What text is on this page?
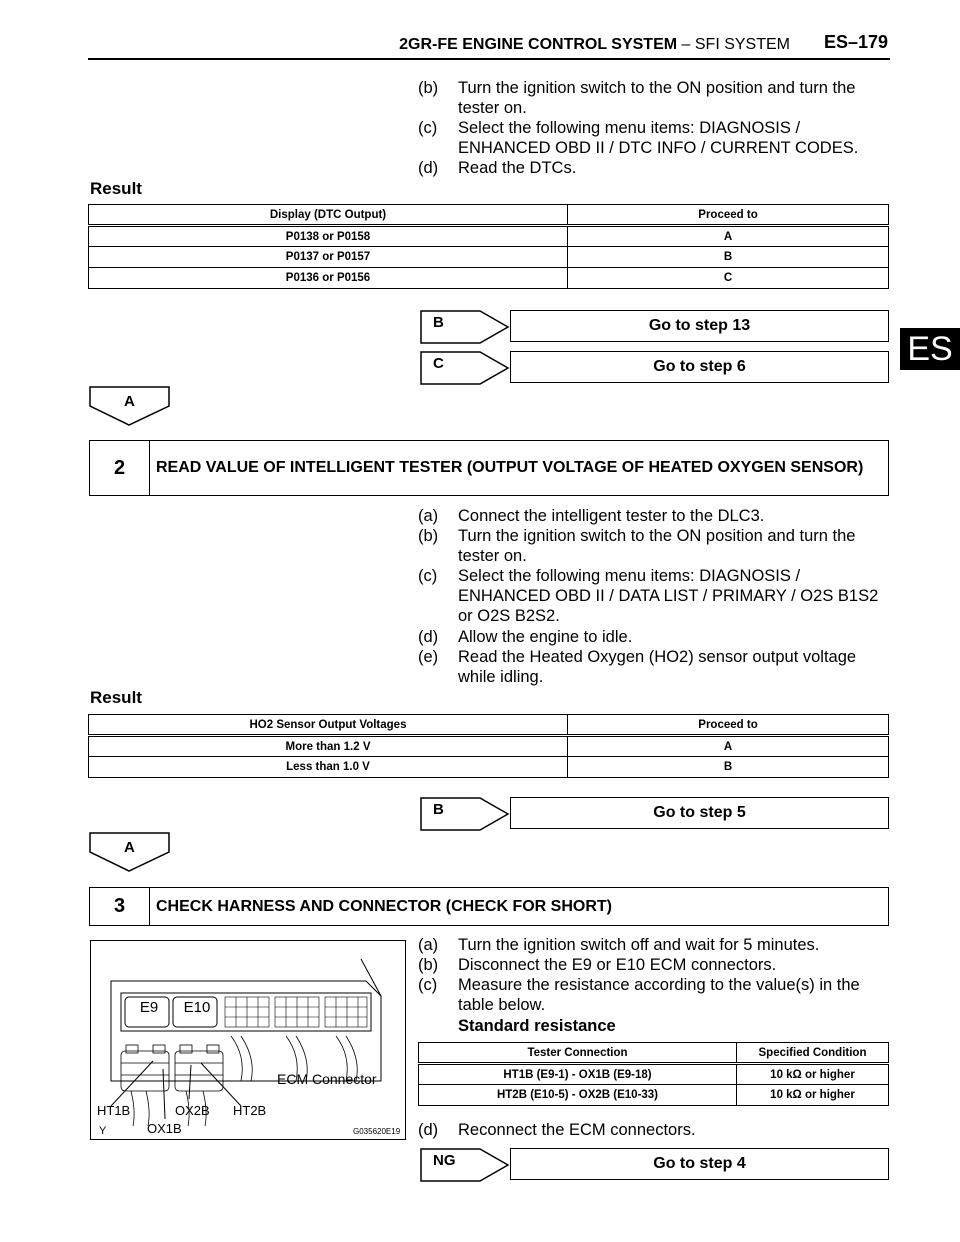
2GR-FE ENGINE CONTROL SYSTEM – SFI SYSTEM ES–179
ES
(b)	Turn the ignition switch to the ON position and turn the tester on.
(c)	Select the following menu items: DIAGNOSIS / ENHANCED OBD II / DTC INFO / CURRENT CODES.
(d)	Read the DTCs.
Result
Display (DTC Output)	Proceed to
P0138 or P0158	A
P0137 or P0157	B
P0136 or P0156	C
B	Go to step 13
C	Go to step 6
A
2	READ VALUE OF INTELLIGENT TESTER (OUTPUT VOLTAGE OF HEATED OXYGEN SENSOR)
(a)	Connect the intelligent tester to the DLC3.
(b)	Turn the ignition switch to the ON position and turn the tester on.
(c)	Select the following menu items: DIAGNOSIS / ENHANCED OBD II / DATA LIST / PRIMARY / O2S B1S2 or O2S B2S2.
(d)	Allow the engine to idle.
(e)	Read the Heated Oxygen (HO2) sensor output voltage while idling.
Result
HO2 Sensor Output Voltages	Proceed to
More than 1.2 V	A
Less than 1.0 V	B
B	Go to step 5
A
3	CHECK HARNESS AND CONNECTOR (CHECK FOR SHORT)
E9	E10
ECM Connector
HT1B
OX1B
OX2B HT2B
Y	G035620E19
(a)	Turn the ignition switch off and wait for 5 minutes.
(b)	Disconnect the E9 or E10 ECM connectors.
(c)	Measure the resistance according to the value(s) in the table below.
Standard resistance
Tester Connection	Specified Condition
HT1B (E9-1) - OX1B (E9-18)	10 kΩ or higher
HT2B (E10-5) - OX2B (E10-33)	10 kΩ or higher
(d)	Reconnect the ECM connectors.
NG	Go to step 4
